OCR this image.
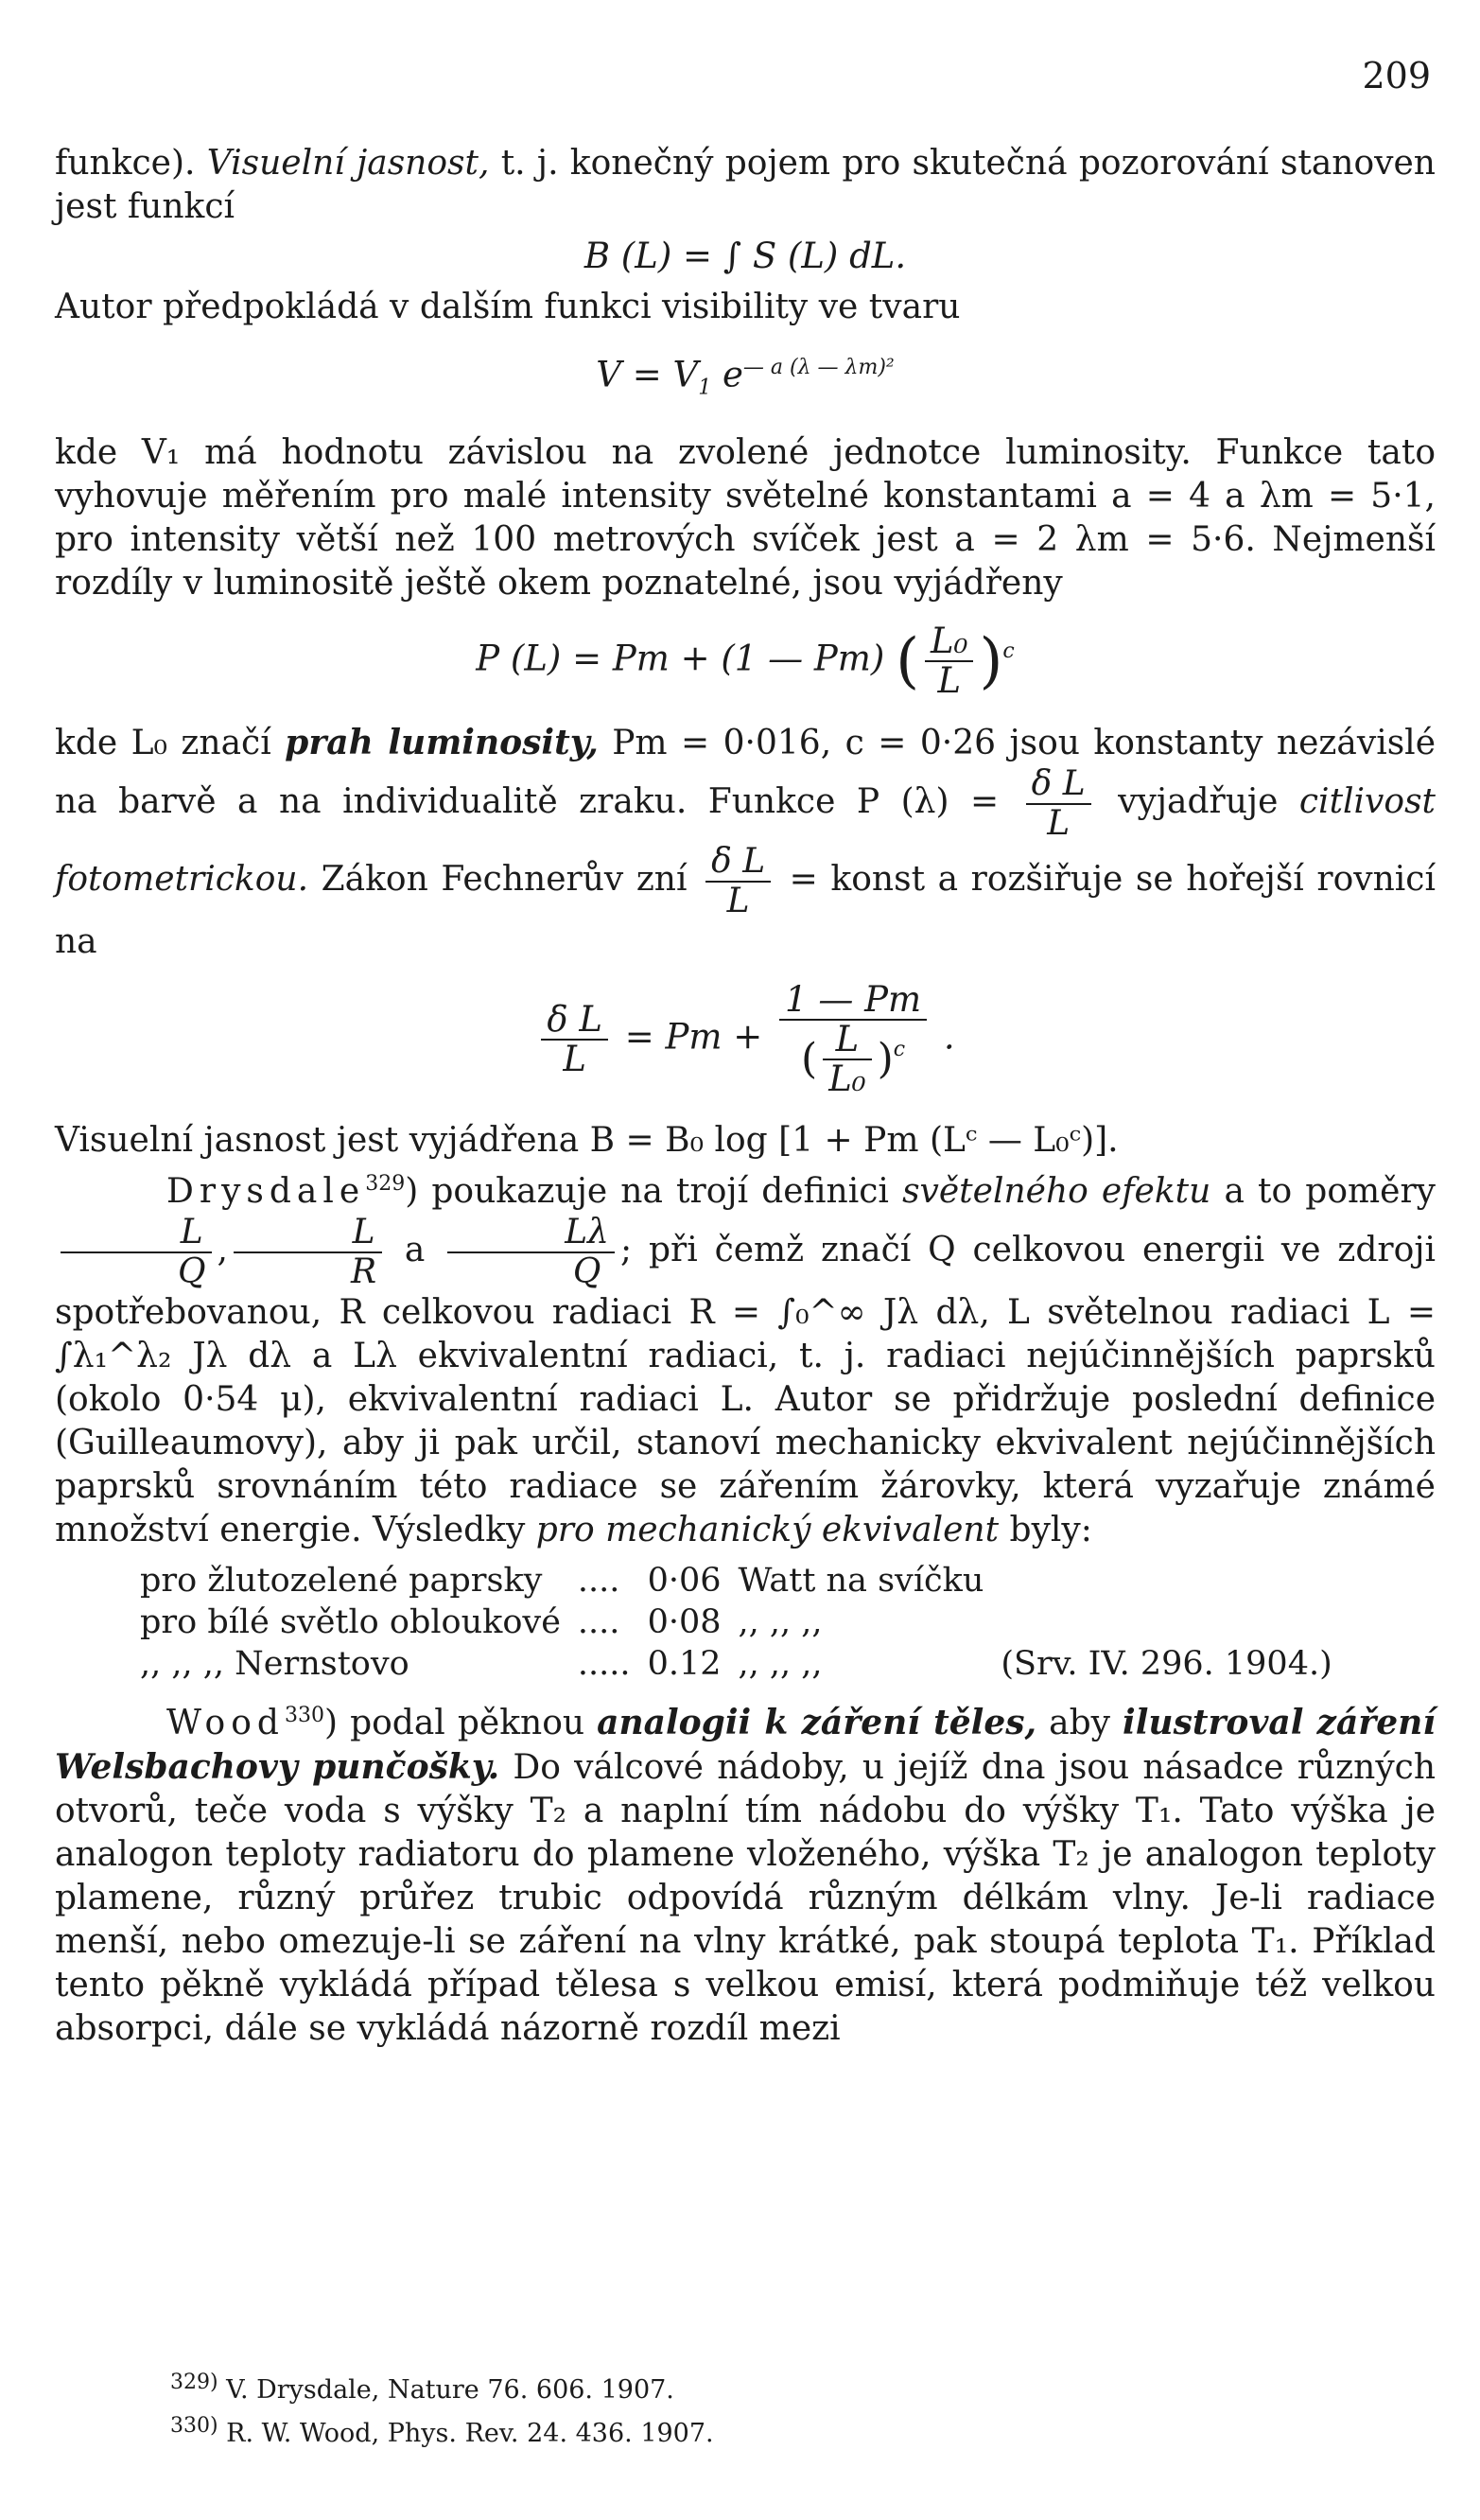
209

funkce). Visuelní jasnost, t. j. konečný pojem pro skutečná pozorování stanoven jest funkcí

B (L) = ∫ S (L) dL.

Autor předpokládá v dalším funkci visibility ve tvaru

$V = V_1$ $e^{— a (\lambda — \lambda m)^2}$

kde V₁ má hodnotu závislou na zvolené jednotce luminosity. Funkce tato vyhovuje měřením pro malé intensity světelné konstantami a = 4 a λm = 5·1, pro intensity větší než 100 metrových svíček jest a = 2 λm = 5·6. Nejmenší rozdíly v luminositě ještě okem poznatelné, jsou vyjádřeny

P (L) = Pm + (1 — Pm) ( $\frac{\text{L₀}}{L} )^c$

kde L₀ značí prah luminosity, Pm = 0·016, c = 0·26 jsou konstanty nezávislé na barvě a na individualitě zraku. Funkce P $(\lambda) = \frac{\text{δ L}}{L}$ vyjadřuje citlivost fotometrickou. Zákon Fechnerův zní $\frac{\text{δ L}}{L}$ = konst a rozšiřuje se hořejší rovnicí na

$\frac{\text{δ L}}{L} = Pm + \frac{1 — Pm}{( \frac{L}{\text{L₀}} )^c}$ .

Visuelní jasnost jest vyjádřena B = B₀ log [1 + Pm (Lᶜ — L₀ᶜ)].

Drysdale$^{329}$) poukazuje na trojí definici světelného efektu a to poměry
$\frac{L}{Q}$ , $\frac{L}{R}$ a $\frac{L\lambda}{Q}$ ; při čemž značí Q celkovou energii ve zdroji spotřebovanou, R celkovou radiaci R = ∫₀^∞ Jλ dλ, L světelnou radiaci L = ∫λ₁^λ₂ Jλ dλ a Lλ ekvivalentní radiaci, t. j. radiaci nejúčinnějších paprsků (okolo 0·54 μ), ekvivalentní radiaci L. Autor se přidržuje poslední definice (Guilleaumovy), aby ji pak určil, stanoví mechanicky ekvivalent nejúčinnějších paprsků srovnáním této radiace se zářením žárovky, která vyzařuje známé množství energie. Výsledky pro mechanický ekvivalent byly:

pro žlutozelené paprsky	....	0·06	Watt na svíčku	
pro bílé světlo obloukové	....	0·08	,, ,, ,,	
,, ,, ,, Nernstovo	.....	0.12	,, ,, ,,	(Srv. IV. 296. 1904.)

Wood$^{330}$) podal pěknou analogii k záření těles, aby ilustroval záření Welsbachovy punčošky. Do válcové nádoby, u jejíž dna jsou násadce různých otvorů, teče voda s výšky T₂ a naplní tím nádobu do výšky T₁. Tato výška je analogon teploty radiatoru do plamene vloženého, výška T₂ je analogon teploty plamene, různý průřez trubic odpovídá různým délkám vlny. Je-li radiace menší, nebo omezuje-li se záření na vlny krátké, pak stoupá teplota T₁. Příklad tento pěkně vykládá případ tělesa s velkou emisí, která podmiňuje též velkou absorpci, dále se vykládá názorně rozdíl mezi

$^{329)}$ V. Drysdale, Nature 76. 606. 1907.
$^{330)}$ R. W. Wood, Phys. Rev. 24. 436. 1907.
